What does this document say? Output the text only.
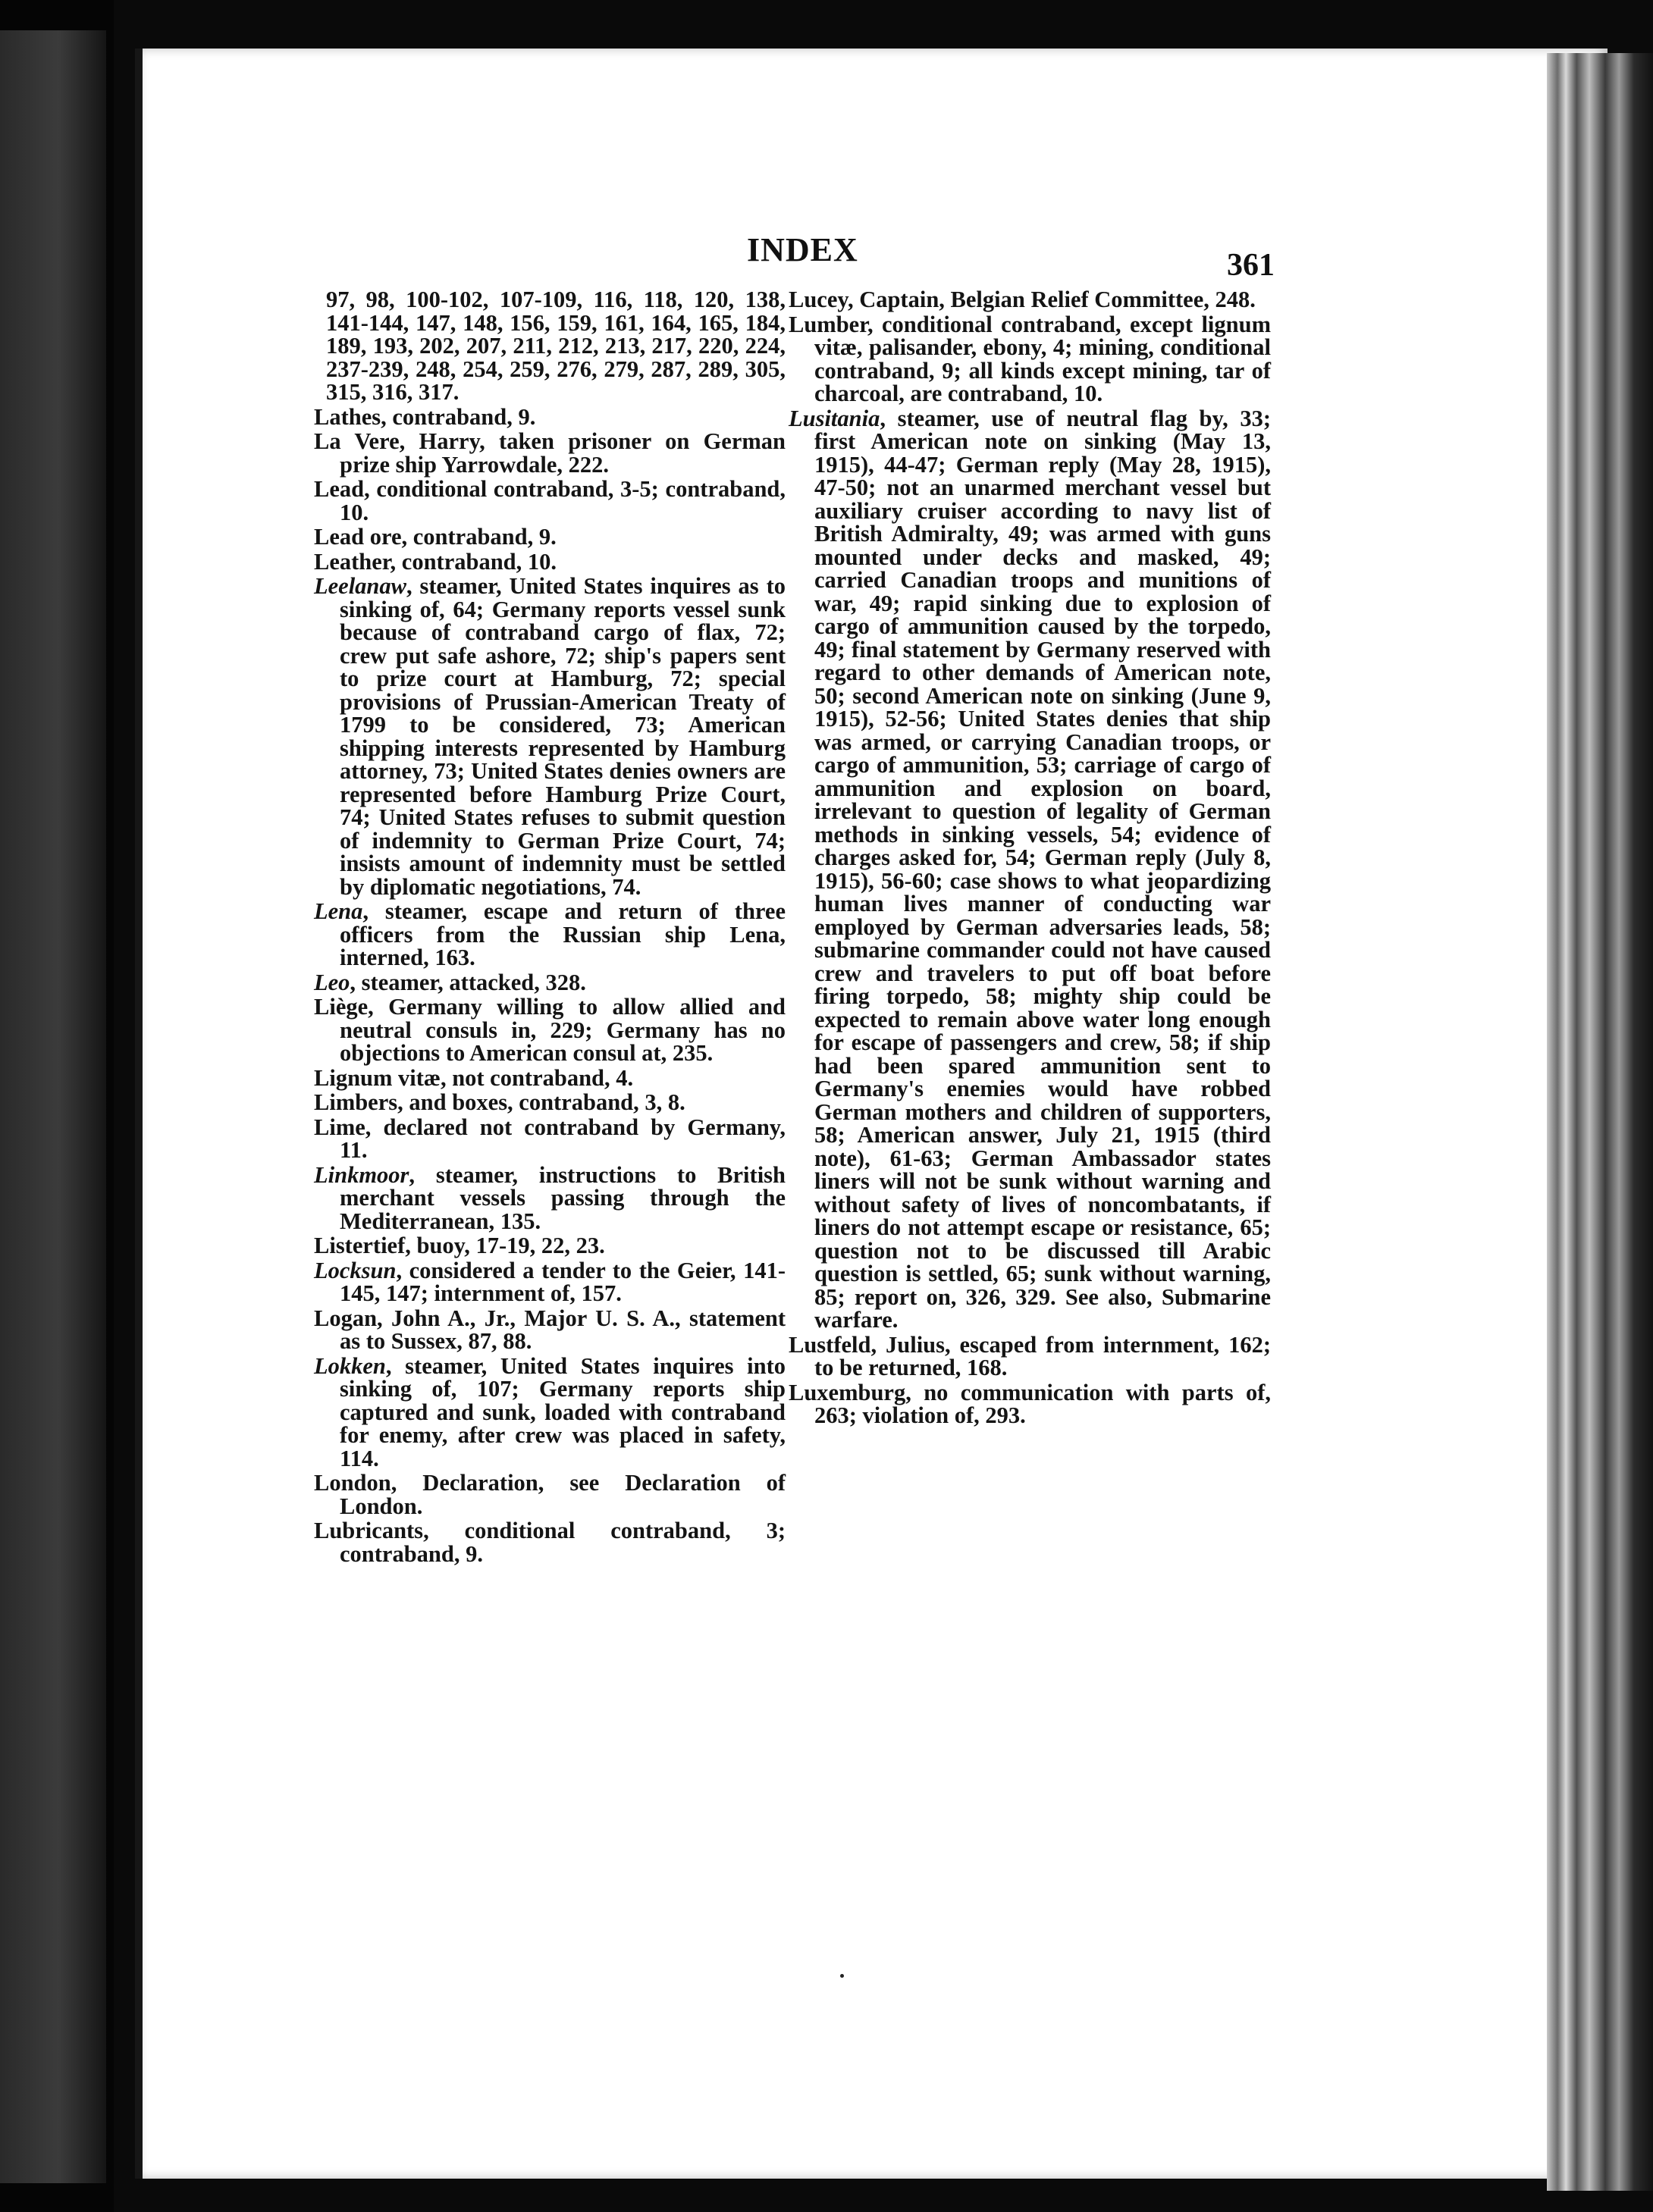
INDEX	361

97, 98, 100-102, 107-109, 116, 118, 120, 138, 141-144, 147, 148, 156, 159, 161, 164, 165, 184, 189, 193, 202, 207, 211, 212, 213, 217, 220, 224, 237-239, 248, 254, 259, 276, 279, 287, 289, 305, 315, 316, 317.

Lathes, contraband, 9.

La Vere, Harry, taken prisoner on German prize ship Yarrowdale, 222.

Lead, conditional contraband, 3-5; contraband, 10.

Lead ore, contraband, 9.

Leather, contraband, 10.

Leelanaw, steamer, United States inquires as to sinking of, 64; Germany reports vessel sunk because of contraband cargo of flax, 72; crew put safe ashore, 72; ship's papers sent to prize court at Hamburg, 72; special provisions of Prussian-American Treaty of 1799 to be considered, 73; American shipping interests represented by Hamburg attorney, 73; United States denies owners are represented before Hamburg Prize Court, 74; United States refuses to submit question of indemnity to German Prize Court, 74; insists amount of indemnity must be settled by diplomatic negotiations, 74.

Lena, steamer, escape and return of three officers from the Russian ship Lena, interned, 163.

Leo, steamer, attacked, 328.

Liège, Germany willing to allow allied and neutral consuls in, 229; Germany has no objections to American consul at, 235.

Lignum vitæ, not contraband, 4.

Limbers, and boxes, contraband, 3, 8.

Lime, declared not contraband by Germany, 11.

Linkmoor, steamer, instructions to British merchant vessels passing through the Mediterranean, 135.

Listertief, buoy, 17-19, 22, 23.

Locksun, considered a tender to the Geier, 141-145, 147; internment of, 157.

Logan, John A., Jr., Major U. S. A., statement as to Sussex, 87, 88.

Lokken, steamer, United States inquires into sinking of, 107; Germany reports ship captured and sunk, loaded with contraband for enemy, after crew was placed in safety, 114.

London, Declaration, see Declaration of London.

Lubricants, conditional contraband, 3; contraband, 9.

Lucey, Captain, Belgian Relief Committee, 248.

Lumber, conditional contraband, except lignum vitæ, palisander, ebony, 4; mining, conditional contraband, 9; all kinds except mining, tar of charcoal, are contraband, 10.

Lusitania, steamer, use of neutral flag by, 33; first American note on sinking (May 13, 1915), 44-47; German reply (May 28, 1915), 47-50; not an unarmed merchant vessel but auxiliary cruiser according to navy list of British Admiralty, 49; was armed with guns mounted under decks and masked, 49; carried Canadian troops and munitions of war, 49; rapid sinking due to explosion of cargo of ammunition caused by the torpedo, 49; final statement by Germany reserved with regard to other demands of American note, 50; second American note on sinking (June 9, 1915), 52-56; United States denies that ship was armed, or carrying Canadian troops, or cargo of ammunition, 53; carriage of cargo of ammunition and explosion on board, irrelevant to question of legality of German methods in sinking vessels, 54; evidence of charges asked for, 54; German reply (July 8, 1915), 56-60; case shows to what jeopardizing human lives manner of conducting war employed by German adversaries leads, 58; submarine commander could not have caused crew and travelers to put off boat before firing torpedo, 58; mighty ship could be expected to remain above water long enough for escape of passengers and crew, 58; if ship had been spared ammunition sent to Germany's enemies would have robbed German mothers and children of supporters, 58; American answer, July 21, 1915 (third note), 61-63; German Ambassador states liners will not be sunk without warning and without safety of lives of noncombatants, if liners do not attempt escape or resistance, 65; question not to be discussed till Arabic question is settled, 65; sunk without warning, 85; report on, 326, 329. See also, Submarine warfare.

Lustfeld, Julius, escaped from internment, 162; to be returned, 168.

Luxemburg, no communication with parts of, 263; violation of, 293.
